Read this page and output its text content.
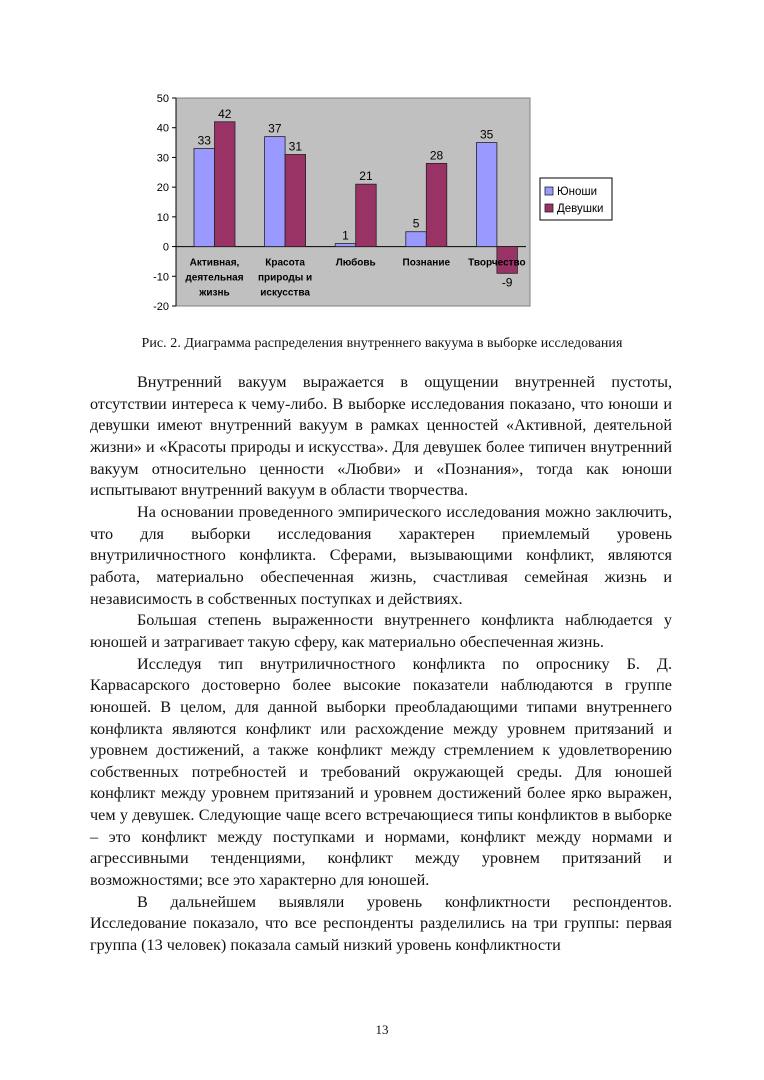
50
40
30
20
10
0
-10
-20
33
42
Активная,
деятельная
жизнь
37
31
Красота
природы и
искусства
1
21
Любовь
5
28
Познание
35
-9
Творчество
Юноши
Девушки
Рис. 2. Диаграмма распределения внутреннего вакуума в выборке исследования

Внутренний вакуум выражается в ощущении внутренней пустоты, отсутствии интереса к чему-либо. В выборке исследования показано, что юноши и девушки имеют внутренний вакуум в рамках ценностей «Активной, деятельной жизни» и «Красоты природы и искусства». Для девушек более типичен внутренний вакуум относительно ценности «Любви» и «Познания», тогда как юноши испытывают внутренний вакуум в области творчества.

На основании проведенного эмпирического исследования можно заключить, что для выборки исследования характерен приемлемый уровень внутриличностного конфликта. Сферами, вызывающими конфликт, являются работа, материально обеспеченная жизнь, счастливая семейная жизнь и независимость в собственных поступках и действиях.

Большая степень выраженности внутреннего конфликта наблюдается у юношей и затрагивает такую сферу, как материально обеспеченная жизнь.

Исследуя тип внутриличностного конфликта по опроснику Б. Д. Карвасарского достоверно более высокие показатели наблюдаются в группе юношей. В целом, для данной выборки преобладающими типами внутреннего конфликта являются конфликт или расхождение между уровнем притязаний и уровнем достижений, а также конфликт между стремлением к удовлетворению собственных потребностей и требований окружающей среды. Для юношей конфликт между уровнем притязаний и уровнем достижений более ярко выражен, чем у девушек. Следующие чаще всего встречающиеся типы конфликтов в выборке – это конфликт между поступками и нормами, конфликт между нормами и агрессивными тенденциями, конфликт между уровнем притязаний и возможностями; все это характерно для юношей.

В дальнейшем выявляли уровень конфликтности респондентов. Исследование показало, что все респонденты разделились на три группы: первая группа (13 человек) показала самый низкий уровень конфликтности

13
